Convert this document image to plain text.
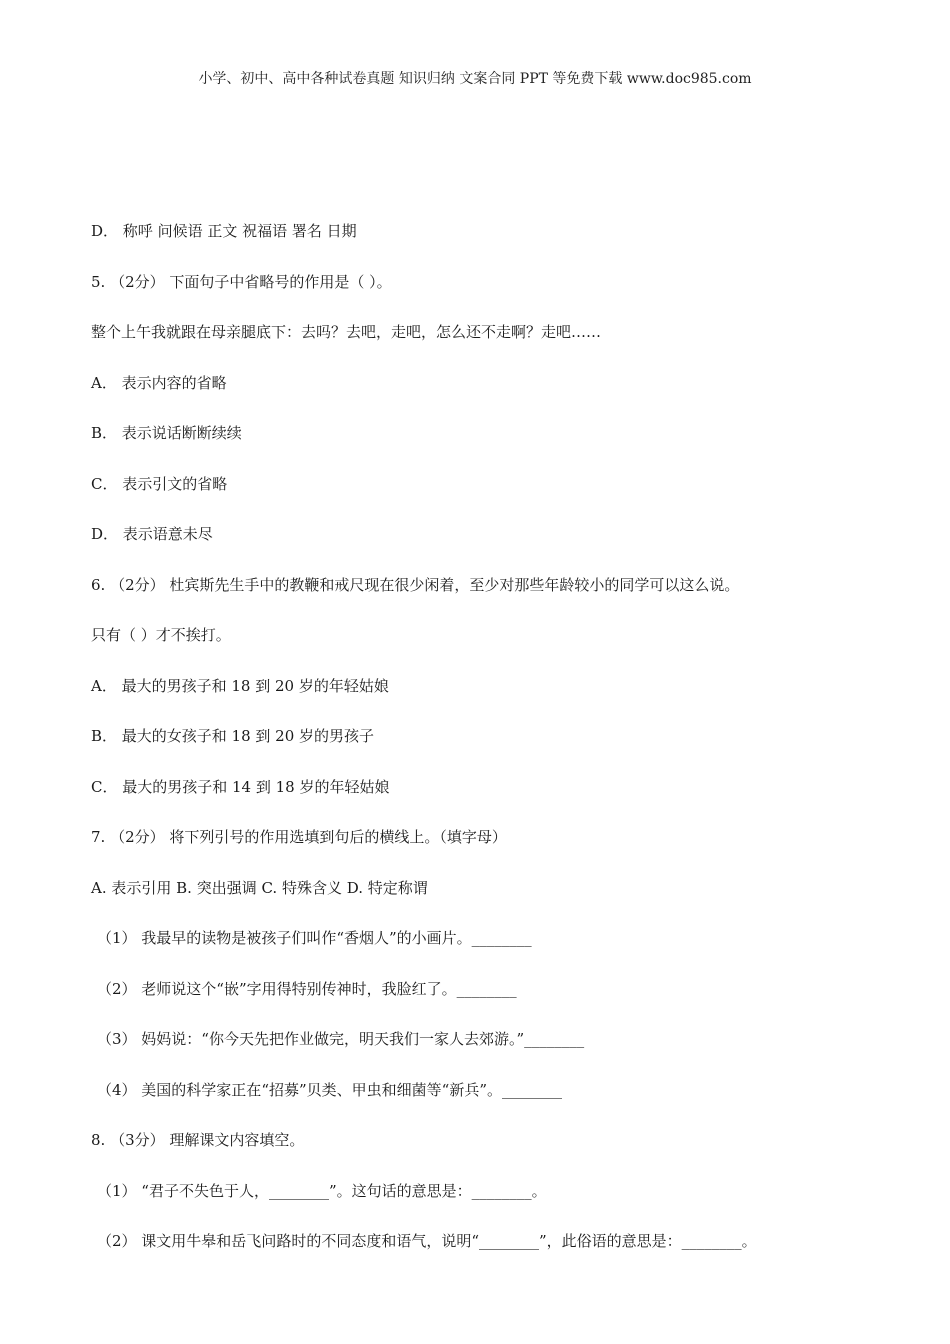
小学、初中、高中各种试卷真题 知识归纳 文案合同 PPT 等免费下载 www.doc985.com
D． 称呼 问候语 正文 祝福语 署名 日期
5. （2分） 下面句子中省略号的作用是（ ）。
整个上午我就跟在母亲腿底下：去吗？去吧，走吧，怎么还不走啊？走吧……
A． 表示内容的省略
B． 表示说话断断续续
C． 表示引文的省略
D． 表示语意未尽
6. （2分） 杜宾斯先生手中的教鞭和戒尺现在很少闲着，至少对那些年龄较小的同学可以这么说。
只有（ ）才不挨打。
A． 最大的男孩子和 18 到 20 岁的年轻姑娘
B． 最大的女孩子和 18 到 20 岁的男孩子
C． 最大的男孩子和 14 到 18 岁的年轻姑娘
7. （2分） 将下列引号的作用选填到句后的横线上。（填字母）
A. 表示引用 B. 突出强调 C. 特殊含义 D. 特定称谓
（1） 我最早的读物是被孩子们叫作“香烟人”的小画片。________
（2） 老师说这个“嵌”字用得特别传神时，我脸红了。________
（3） 妈妈说：“你今天先把作业做完，明天我们一家人去郊游。”________
（4） 美国的科学家正在“招募”贝类、甲虫和细菌等“新兵”。________
8. （3分） 理解课文内容填空。
（1） “君子不失色于人，________”。这句话的意思是：________。
（2） 课文用牛皋和岳飞问路时的不同态度和语气，说明“________”，此俗语的意思是：________。
